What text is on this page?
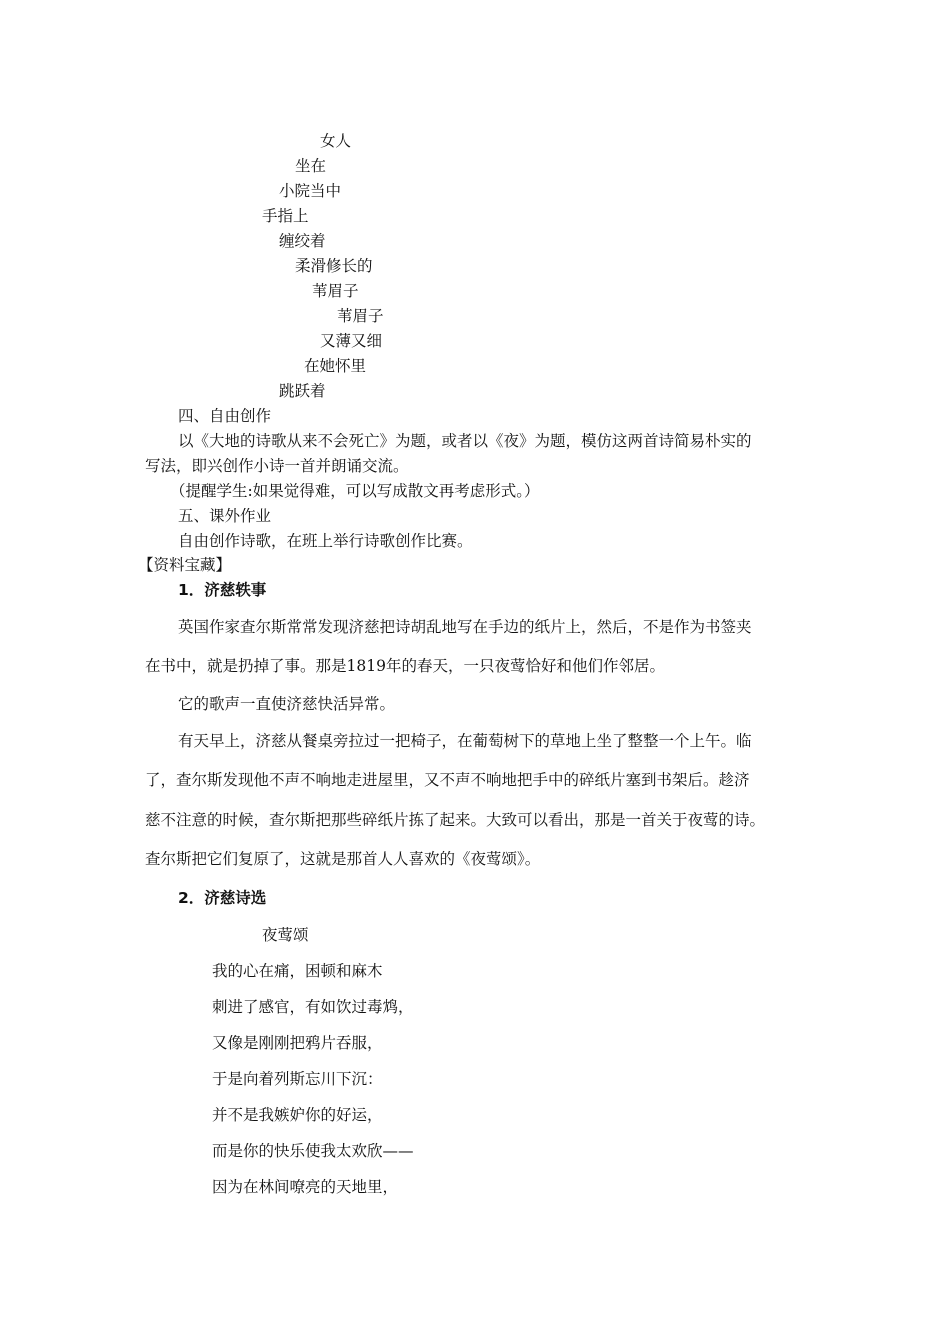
女人
坐在
小院当中
手指上
缠绞着
柔滑修长的
苇眉子
苇眉子
又薄又细
在她怀里
跳跃着
四、自由创作
以《大地的诗歌从来不会死亡》为题，或者以《夜》为题，模仿这两首诗简易朴实的
写法，即兴创作小诗一首并朗诵交流。
（提醒学生:如果觉得难，可以写成散文再考虑形式。）
五、课外作业
自由创作诗歌，在班上举行诗歌创作比赛。
【资料宝藏】
1．济慈轶事
英国作家查尔斯常常发现济慈把诗胡乱地写在手边的纸片上，然后，不是作为书签夹
在书中，就是扔掉了事。那是1819年的春天，一只夜莺恰好和他们作邻居。
它的歌声一直使济慈快活异常。
有天早上，济慈从餐桌旁拉过一把椅子，在葡萄树下的草地上坐了整整一个上午。临
了，查尔斯发现他不声不响地走进屋里，又不声不响地把手中的碎纸片塞到书架后。趁济
慈不注意的时候，查尔斯把那些碎纸片拣了起来。大致可以看出，那是一首关于夜莺的诗。
查尔斯把它们复原了，这就是那首人人喜欢的《夜莺颂》。
2．济慈诗选
夜莺颂
我的心在痛，困顿和麻木
刺进了感官，有如饮过毒鸩，
又像是刚刚把鸦片吞服，
于是向着列斯忘川下沉：
并不是我嫉妒你的好运，
而是你的快乐使我太欢欣——
因为在林间嘹亮的天地里，
